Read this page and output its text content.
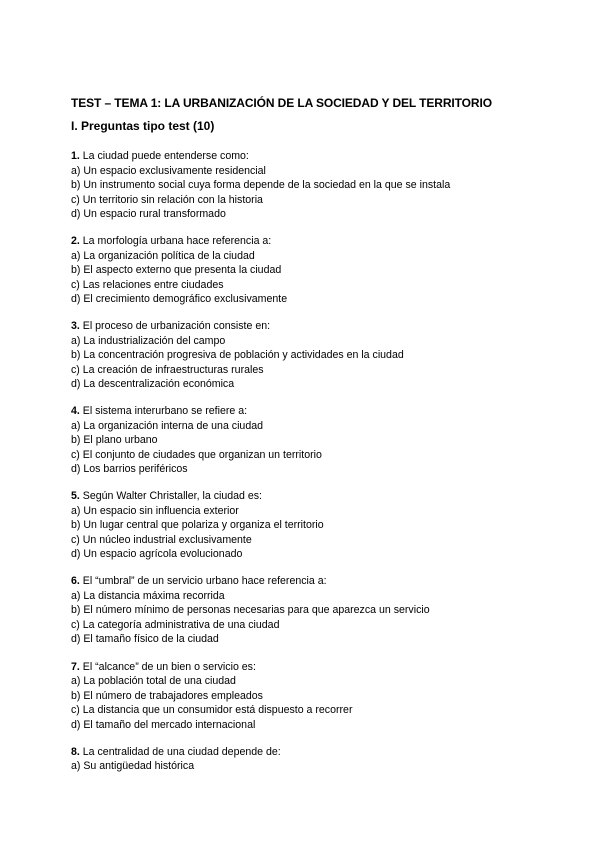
TEST – TEMA 1: LA URBANIZACIÓN DE LA SOCIEDAD Y DEL TERRITORIO
I. Preguntas tipo test (10)
1. La ciudad puede entenderse como:
a) Un espacio exclusivamente residencial
b) Un instrumento social cuya forma depende de la sociedad en la que se instala
c) Un territorio sin relación con la historia
d) Un espacio rural transformado
2. La morfología urbana hace referencia a:
a) La organización política de la ciudad
b) El aspecto externo que presenta la ciudad
c) Las relaciones entre ciudades
d) El crecimiento demográfico exclusivamente
3. El proceso de urbanización consiste en:
a) La industrialización del campo
b) La concentración progresiva de población y actividades en la ciudad
c) La creación de infraestructuras rurales
d) La descentralización económica
4. El sistema interurbano se refiere a:
a) La organización interna de una ciudad
b) El plano urbano
c) El conjunto de ciudades que organizan un territorio
d) Los barrios periféricos
5. Según Walter Christaller, la ciudad es:
a) Un espacio sin influencia exterior
b) Un lugar central que polariza y organiza el territorio
c) Un núcleo industrial exclusivamente
d) Un espacio agrícola evolucionado
6. El “umbral” de un servicio urbano hace referencia a:
a) La distancia máxima recorrida
b) El número mínimo de personas necesarias para que aparezca un servicio
c) La categoría administrativa de una ciudad
d) El tamaño físico de la ciudad
7. El “alcance” de un bien o servicio es:
a) La población total de una ciudad
b) El número de trabajadores empleados
c) La distancia que un consumidor está dispuesto a recorrer
d) El tamaño del mercado internacional
8. La centralidad de una ciudad depende de:
a) Su antigüedad histórica
